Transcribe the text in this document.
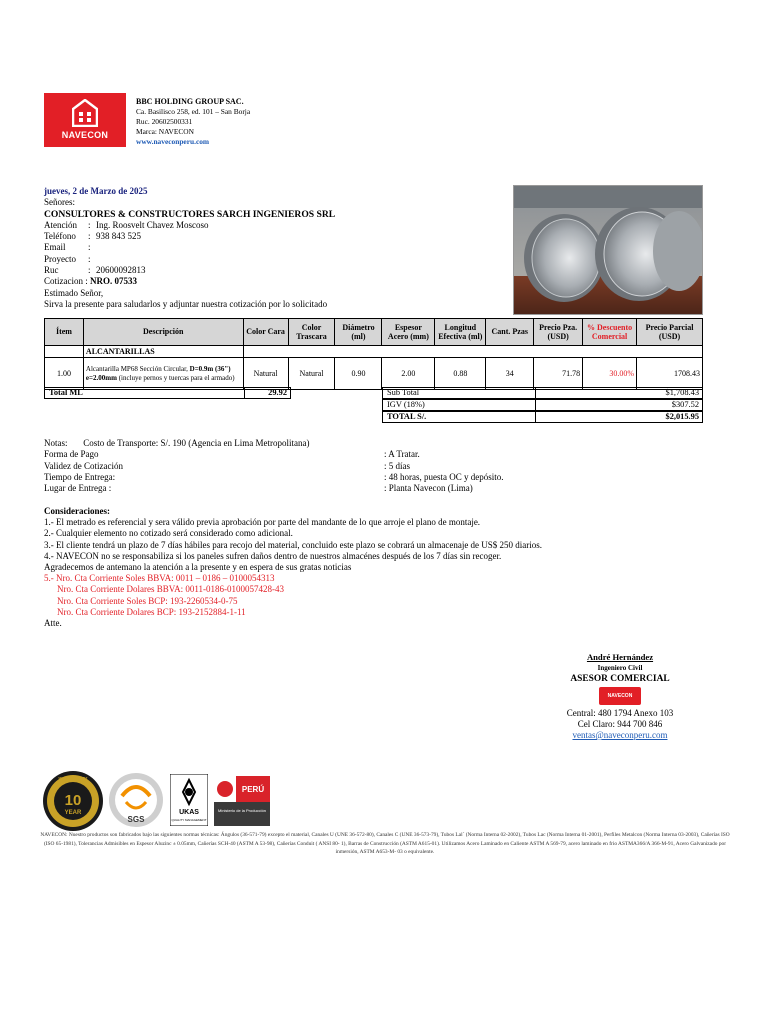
NAVECON
BBC HOLDING GROUP SAC.
Ca. Basilisco 258, ed. 101 – San Borja
Ruc. 20602500331
Marca: NAVECON
www.naveconperu.com
jueves, 2 de Marzo de 2025
Señores:
CONSULTORES & CONSTRUCTORES SARCH INGENIEROS SRL
Atención	: Ing. Roosvelt Chavez Moscoso
Teléfono	: 938 843 525
Email	:
Proyecto	:
Ruc	: 20600092813
Cotizacion :
NRO. 07533
Estimado Señor,
Sirva la presente para saludarlos y adjuntar nuestra cotización por lo solicitado
Ítem	Descripción	Color Cara	Color Trascara	Diámetro (ml)	Espesor Acero (mm)	Longitud Efectiva (ml)	Cant. Pzas	Precio Pza. (USD)	% Descuento Comercial	Precio Parcial (USD)
	ALCANTARILLAS									
1.00	Alcantarilla MP68 Sección Circular, D=0.9m (36") e=2.00mm (incluye pernos y tuercas para el armado)	Natural	Natural	0.90	2.00	0.88	34	71.78	30.00%	1708.43
Total ML	29.92	Sub Total	$1,708.43
IGV (18%)	$307.52
TOTAL S/.	$2,015.95
Notas: Costo de Transporte: S/. 190 (Agencia en Lima Metropolitana)
Forma de Pago	: A Tratar.
Validez de Cotización	: 5 días
Tiempo de Entrega:	: 48 horas, puesta OC y depósito.
Lugar de Entrega :	: Planta Navecon (Lima)
Consideraciones:
1.- El metrado es referencial y sera válido previa aprobación por parte del mandante de lo que arroje el plano de montaje.
2.- Cualquier elemento no cotizado será considerado como adicional.
3.- El cliente tendrá un plazo de 7 días hábiles para recojo del material, concluido este plazo se cobrará un almacenaje de US$ 250 diarios.
4.- NAVECON no se responsabiliza si los paneles sufren daños dentro de nuestros almacénes después de los 7 días sin recoger.
Agradecemos de antemano la atención a la presente y en espera de sus gratas noticias
5.- Nro. Cta Corriente Soles BBVA: 0011 – 0186 – 0100054313
Nro. Cta Corriente Dolares BBVA: 0011-0186-0100057428-43
Nro. Cta Corriente Soles BCP: 193-2260534-0-75
Nro. Cta Corriente Dolares BCP: 193-2152884-1-11
Atte.
André Hernández
Ingeniero Civil
ASESOR COMERCIAL
NAVECON
Central: 480 1794 Anexo 103
Cel Claro: 944 700 846
ventas@naveconperu.com
WARRANTY
10
YEAR
SGS
UKAS
QUALITY MANAGEMENT
PERÚ
Ministerio de la Producción
NAVECON: Nuestro productos son fabricados bajo las siguientes normas técnicas: Ángulos (36-571-79) excepto el material, Canales U (UNE 36-572-80), Canales C (UNE 36-573-79), Tubos Lal´ (Norma Interna 02-2002), Tubos Lac (Norma Interna 01-2001), Perfiles Metalcon (Norma Interna 03-2003), Cañerías ISO (ISO 65-1981), Tolerancias Admisibles en Espesor Aluzinc ± 0.05mm, Cañerías SCH-40 (ASTM A 53-98), Cañerías Conduit ( ANSI 80- 1), Barras de Construcción (ASTM A615-01). Utilizamos Acero Laminado en Caliente ASTM A 569-79, acero laminado en frio ASTMA366/A 366-M-91, Acero Galvanizado por inmersión, ASTM A653-M- 03 o equivalente.
